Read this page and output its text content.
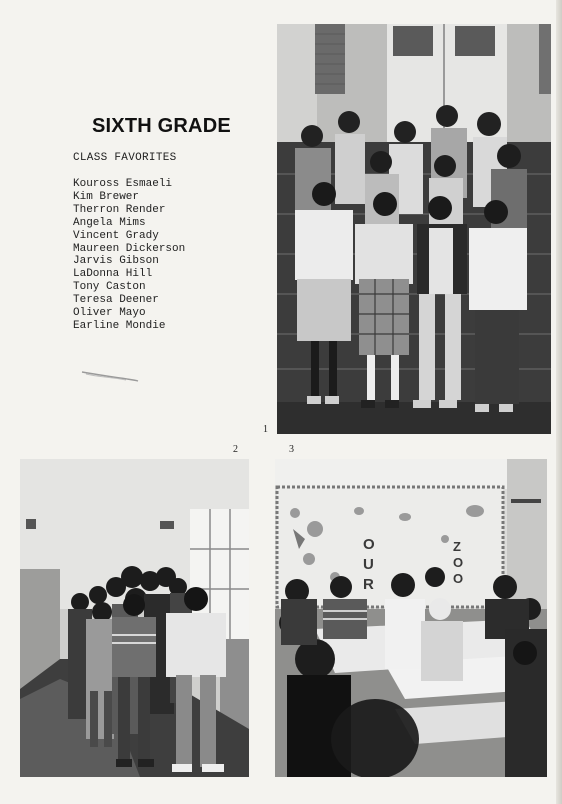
SIXTH GRADE
CLASS FAVORITES
Kouross Esmaeli
Kim Brewer
Therron Render
Angela Mims
Vincent Grady
Maureen Dickerson
Jarvis Gibson
LaDonna Hill
Tony Caston
Teresa Deener
Oliver Mayo
Earline Mondie
1
2
O
U
R
Z
O
O
3
